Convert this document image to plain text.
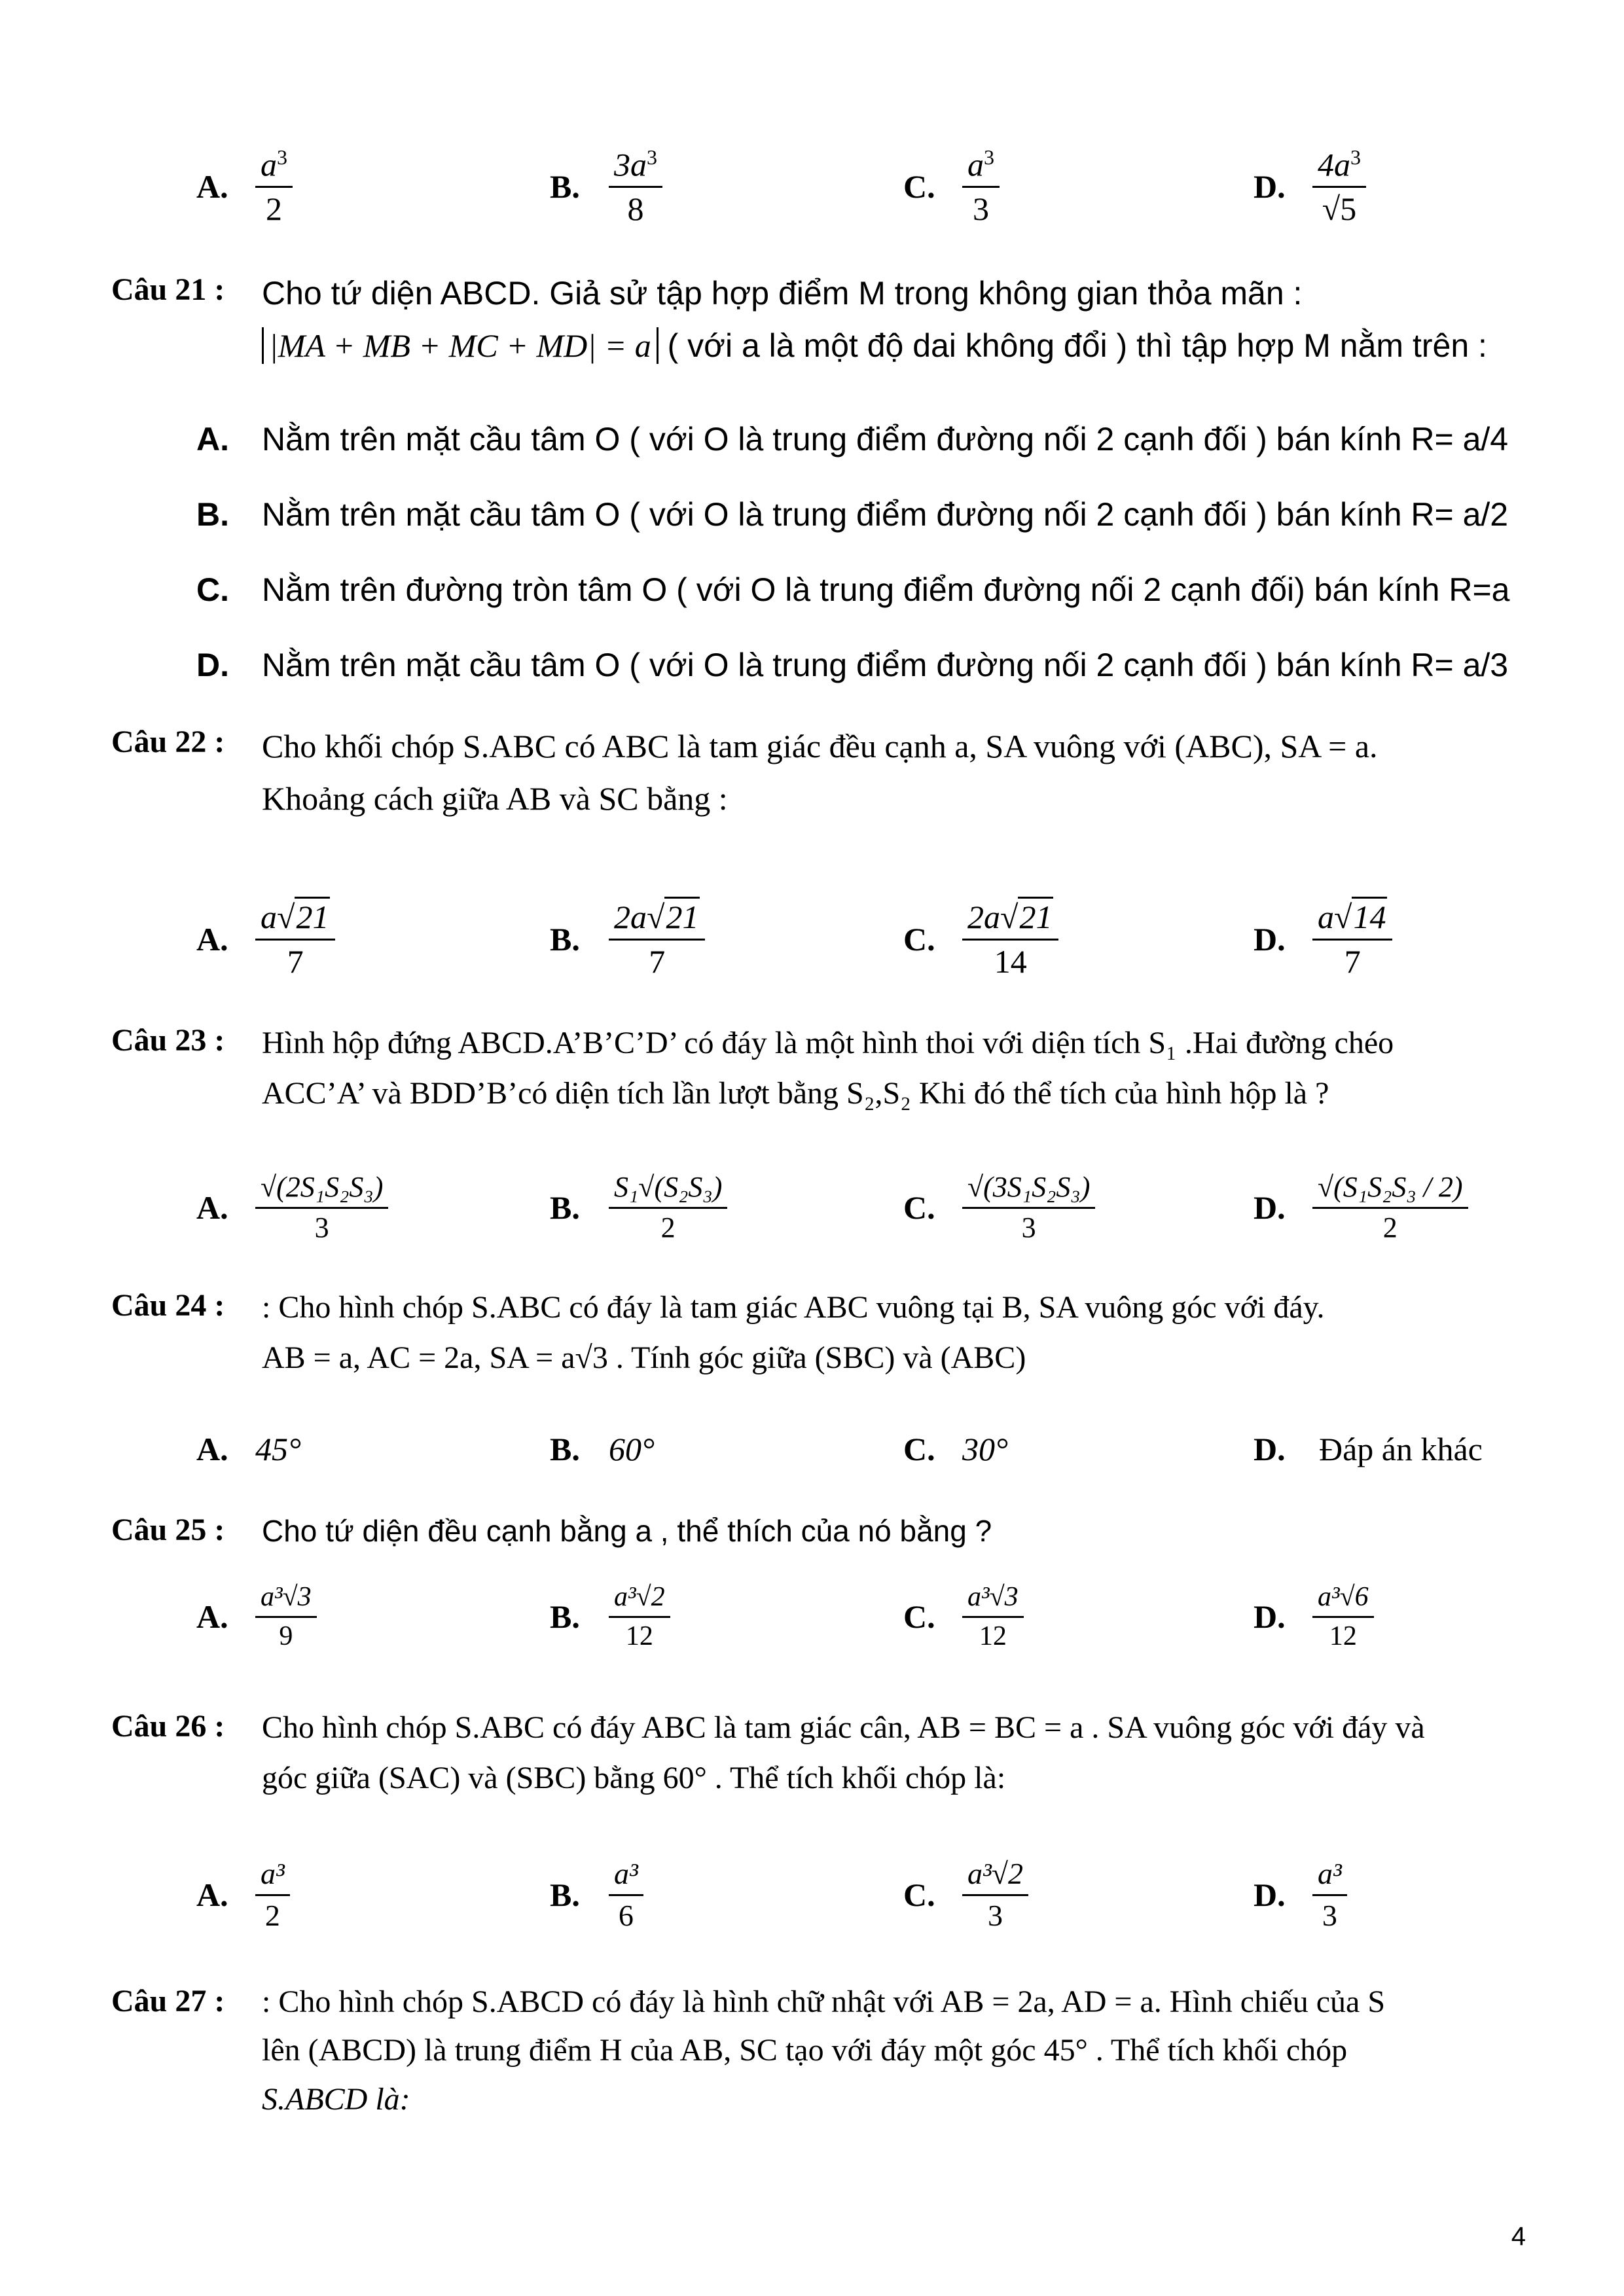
A. $\frac{a^3}{2}$	B. $\frac{3a^3}{8}$	C. $\frac{a^3}{3}$	D. $\frac{4a^3}{√5}$
Câu 21 : Cho tứ diện ABCD. Giả sử tập hợp điểm M trong không gian thỏa mãn :
|MA + MB + MC + MD| = a ( với a là một độ dai không đổi ) thì tập hợp M nằm trên :
A. Nằm trên mặt cầu tâm O ( với O là trung điểm đường nối 2 cạnh đối ) bán kính R= a/4
B. Nằm trên mặt cầu tâm O ( với O là trung điểm đường nối 2 cạnh đối ) bán kính R= a/2
C. Nằm trên đường tròn tâm O ( với O là trung điểm đường nối 2 cạnh đối) bán kính R=a
D. Nằm trên mặt cầu tâm O ( với O là trung điểm đường nối 2 cạnh đối ) bán kính R= a/3
Câu 22 : Cho khối chóp S.ABC có ABC là tam giác đều cạnh a, SA vuông với (ABC), SA = a.
Khoảng cách giữa AB và SC bằng :
A. $\frac{a√21}{7}$	B. $\frac{2a√21}{7}$	C. $\frac{2a√21}{14}$	D. $\frac{a√14}{7}$
Câu 23 : Hình hộp đứng ABCD.A’B’C’D’ có đáy là một hình thoi với diện tích S₁ .Hai đường chéo
ACC’A’ và BDD’B’có diện tích lần lượt bằng S₂,S₂ Khi đó thể tích của hình hộp là ?
A. $\frac{\text{√(2S₁S₂S₃)}}{3}$	B.	$\frac{\text{S₁√(S₂S₃)}}{2}$	C. $\frac{\text{√(3S₁S₂S₃)}}{3}$	D. $\frac{\text{√(S₁S₂S₃ / 2)}}{2}$
Câu 24 : : Cho hình chóp S.ABC có đáy là tam giác ABC vuông tại B, SA vuông góc với đáy.
AB = a, AC = 2a, SA = a√3 . Tính góc giữa (SBC) và (ABC)
A. 45°	B. 60°	C. 30°	D.	Đáp án khác
Câu 25 : Cho tứ diện đều cạnh bằng a , thể thích của nó bằng ?
A. $\frac{\text{a³√3}}{9}$	B.	$\frac{\text{a³√2}}{12}$	C. $\frac{\text{a³√3}}{12}$	D. $\frac{\text{a³√6}}{12}$
Câu 26 : Cho hình chóp S.ABC có đáy ABC là tam giác cân, AB = BC = a . SA vuông góc với đáy và
góc giữa (SAC) và (SBC) bằng 60° . Thể tích khối chóp là:
A. $\frac{\text{a³}}{2}$	B. $\frac{\text{a³}}{6}$	C. $\frac{\text{a³√2}}{3}$	D. $\frac{\text{a³}}{3}$
Câu 27 : : Cho hình chóp S.ABCD có đáy là hình chữ nhật với AB = 2a, AD = a. Hình chiếu của S
lên (ABCD) là trung điểm H của AB, SC tạo với đáy một góc 45° . Thể tích khối chóp
S.ABCD là:
4
